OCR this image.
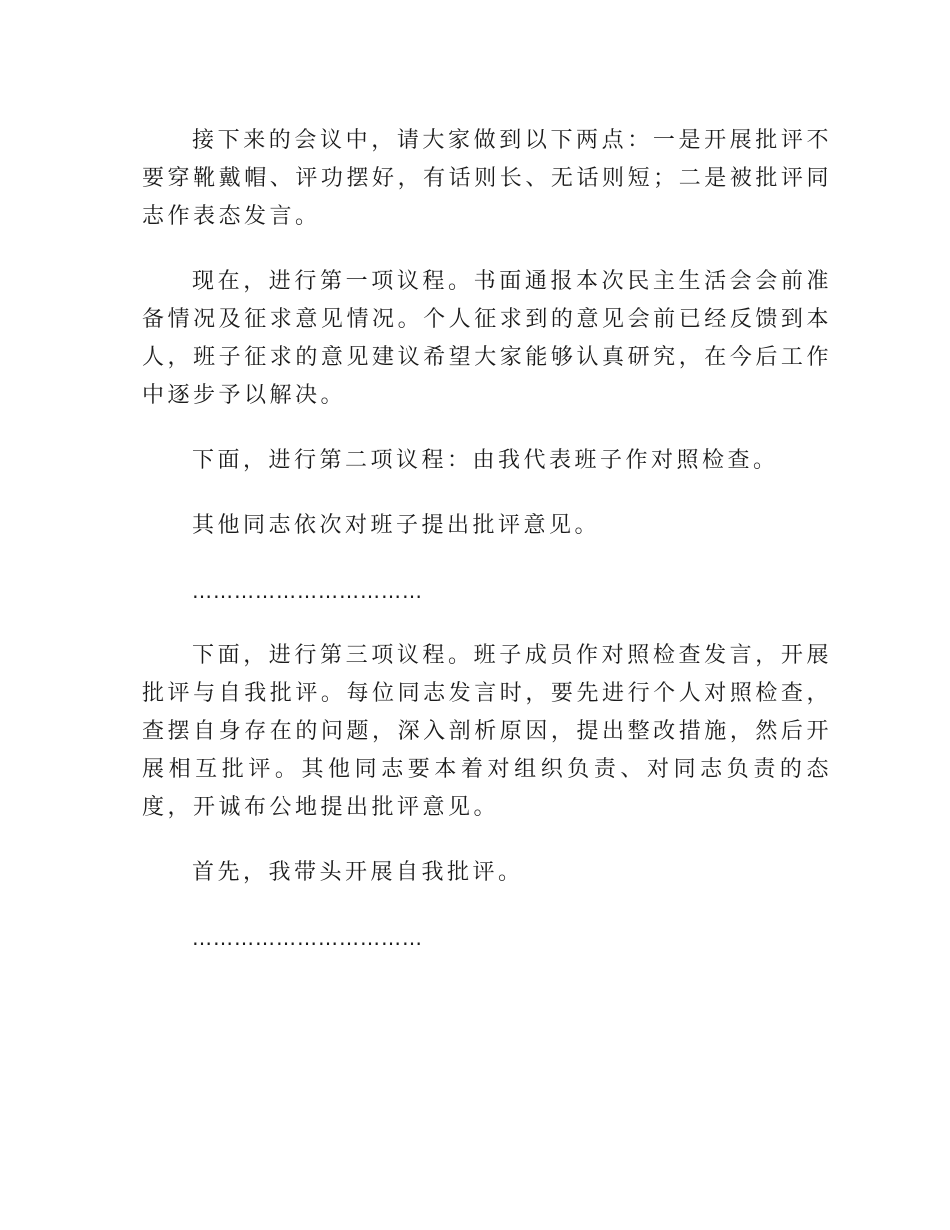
接下来的会议中，请大家做到以下两点：一是开展批评不要穿靴戴帽、评功摆好，有话则长、无话则短；二是被批评同志作表态发言。

现在，进行第一项议程。书面通报本次民主生活会会前准备情况及征求意见情况。个人征求到的意见会前已经反馈到本人，班子征求的意见建议希望大家能够认真研究，在今后工作中逐步予以解决。

下面，进行第二项议程：由我代表班子作对照检查。

其他同志依次对班子提出批评意见。

……………………………

下面，进行第三项议程。班子成员作对照检查发言，开展批评与自我批评。每位同志发言时，要先进行个人对照检查，查摆自身存在的问题，深入剖析原因，提出整改措施，然后开展相互批评。其他同志要本着对组织负责、对同志负责的态度，开诚布公地提出批评意见。

首先，我带头开展自我批评。

……………………………
